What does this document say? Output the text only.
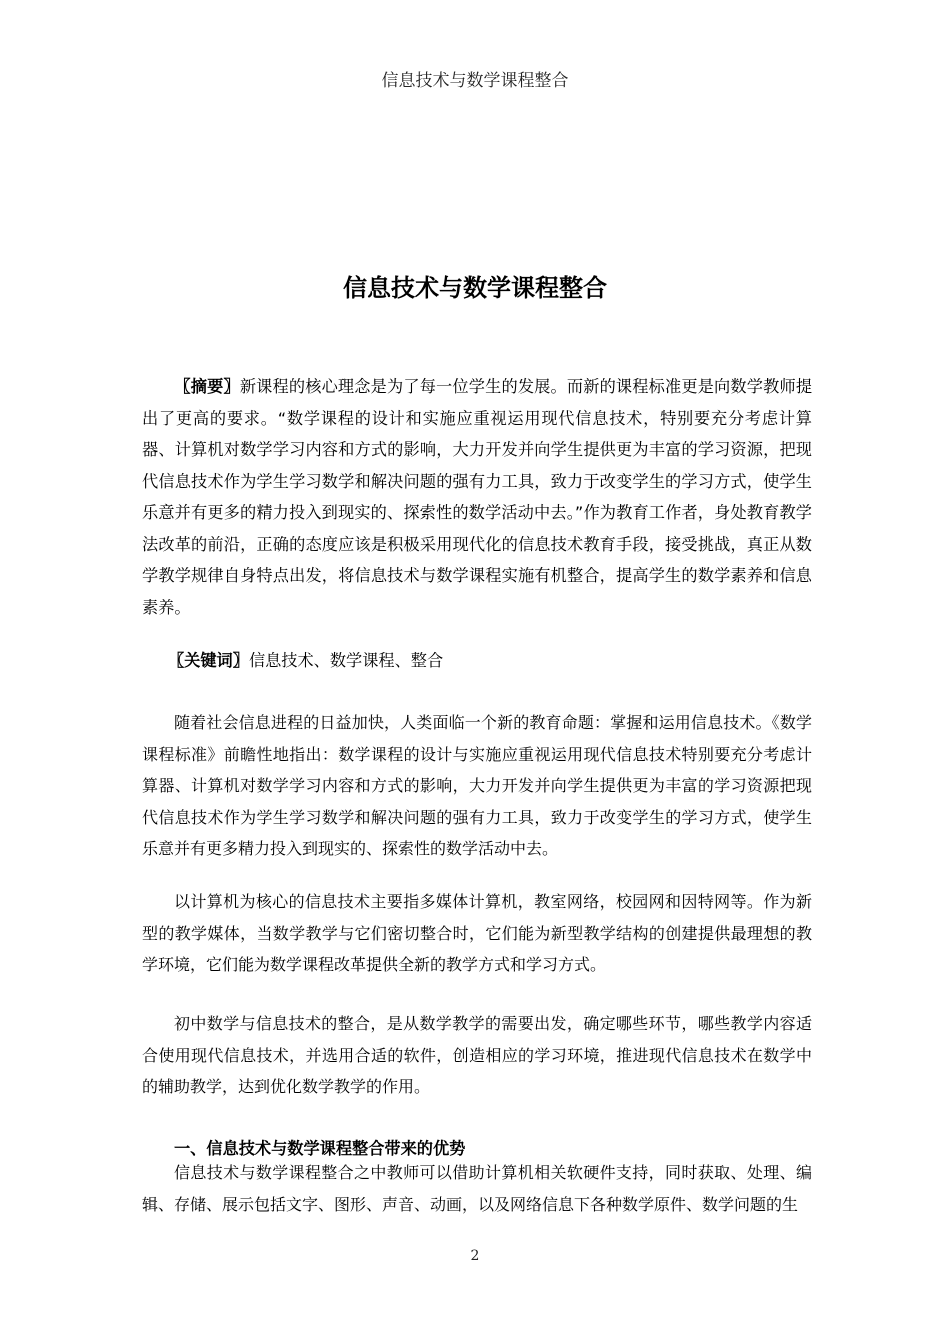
信息技术与数学课程整合
信息技术与数学课程整合

〖摘要〗新课程的核心理念是为了每一位学生的发展。而新的课程标准更是向数学教师提出了更高的要求。“数学课程的设计和实施应重视运用现代信息技术，特别要充分考虑计算器、计算机对数学学习内容和方式的影响，大力开发并向学生提供更为丰富的学习资源，把现代信息技术作为学生学习数学和解决问题的强有力工具，致力于改变学生的学习方式，使学生乐意并有更多的精力投入到现实的、探索性的数学活动中去。”作为教育工作者，身处教育教学法改革的前沿，正确的态度应该是积极采用现代化的信息技术教育手段，接受挑战，真正从数学教学规律自身特点出发，将信息技术与数学课程实施有机整合，提高学生的数学素养和信息素养。

〖关键词〗信息技术、数学课程、整合

随着社会信息进程的日益加快，人类面临一个新的教育命题：掌握和运用信息技术。《数学课程标准》前瞻性地指出：数学课程的设计与实施应重视运用现代信息技术特别要充分考虑计算器、计算机对数学学习内容和方式的影响，大力开发并向学生提供更为丰富的学习资源把现代信息技术作为学生学习数学和解决问题的强有力工具，致力于改变学生的学习方式，使学生乐意并有更多精力投入到现实的、探索性的数学活动中去。

以计算机为核心的信息技术主要指多媒体计算机，教室网络，校园网和因特网等。作为新型的教学媒体，当数学教学与它们密切整合时，它们能为新型教学结构的创建提供最理想的教学环境，它们能为数学课程改革提供全新的教学方式和学习方式。

初中数学与信息技术的整合，是从数学教学的需要出发，确定哪些环节，哪些教学内容适合使用现代信息技术，并选用合适的软件，创造相应的学习环境，推进现代信息技术在数学中的辅助教学，达到优化数学教学的作用。

一、信息技术与数学课程整合带来的优势

信息技术与数学课程整合之中教师可以借助计算机相关软硬件支持，同时获取、处理、编辑、存储、展示包括文字、图形、声音、动画，以及网络信息下各种数学原件、数学问题的生

2
